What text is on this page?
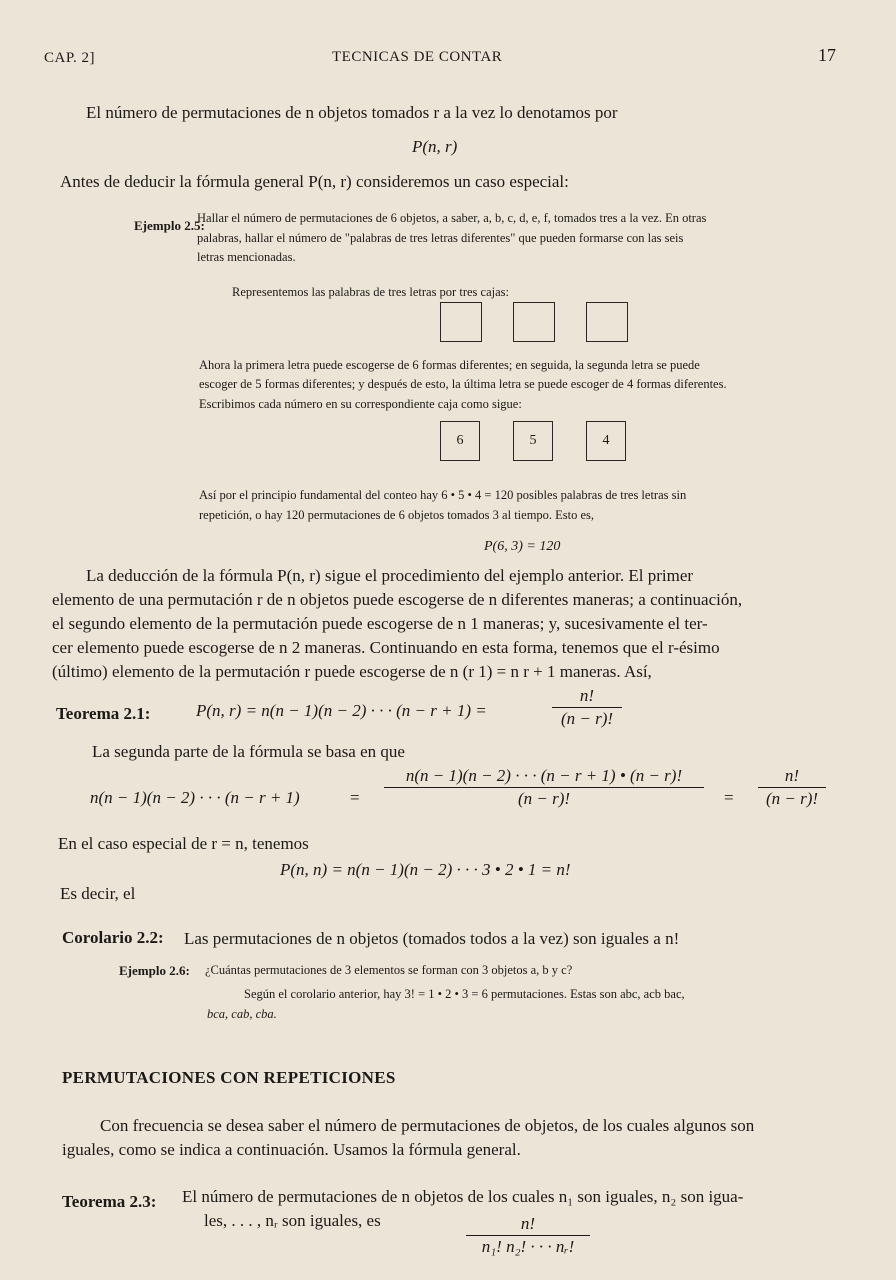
CAP. 2]	TECNICAS DE CONTAR	17
El número de permutaciones de n objetos tomados r a la vez lo denotamos por
P(n, r)
Antes de deducir la fórmula general P(n, r) consideremos un caso especial:
Ejemplo 2.5:
Hallar el número de permutaciones de 6 objetos, a saber, a, b, c, d, e, f, tomados tres a la vez. En otras
palabras, hallar el número de "palabras de tres letras diferentes" que pueden formarse con las seis
letras mencionadas.
Representemos las palabras de tres letras por tres cajas:
Ahora la primera letra puede escogerse de 6 formas diferentes; en seguida, la segunda letra se puede
escoger de 5 formas diferentes; y después de esto, la última letra se puede escoger de 4 formas diferentes.
Escribimos cada número en su correspondiente caja como sigue:
6	5	4
Así por el principio fundamental del conteo hay 6 • 5 • 4 = 120 posibles palabras de tres letras sin
repetición, o hay 120 permutaciones de 6 objetos tomados 3 al tiempo. Esto es,
P(6, 3) = 120
La deducción de la fórmula P(n, r) sigue el procedimiento del ejemplo anterior. El primer
elemento de una permutación r de n objetos puede escogerse de n diferentes maneras; a continuación,
el segundo elemento de la permutación puede escogerse de n 1 maneras; y, sucesivamente el ter-
cer elemento puede escogerse de n 2 maneras. Continuando en esta forma, tenemos que el r-ésimo
(último) elemento de la permutación r puede escogerse de n (r 1) = n r + 1 maneras. Así,
Teorema 2.1:	P(n, r) = n(n − 1)(n − 2) · · · (n − r + 1) =
n!
(n − r)!
La segunda parte de la fórmula se basa en que
n(n − 1)(n − 2) · · · (n − r + 1)	=
n(n − 1)(n − 2) · · · (n − r + 1) • (n − r)!
(n − r)!	=
n!
(n − r)!
En el caso especial de r = n, tenemos
P(n, n) = n(n − 1)(n − 2) · · · 3 • 2 • 1 = n!
Es decir, el
Corolario 2.2: Las permutaciones de n objetos (tomados todos a la vez) son iguales a n!
Ejemplo 2.6: ¿Cuántas permutaciones de 3 elementos se forman con 3 objetos a, b y c?
Según el corolario anterior, hay 3! = 1 • 2 • 3 = 6 permutaciones. Estas son abc, acb bac,
bca, cab, cba.
PERMUTACIONES CON REPETICIONES
Con frecuencia se desea saber el número de permutaciones de objetos, de los cuales algunos son
iguales, como se indica a continuación. Usamos la fórmula general.
Teorema 2.3: El número de permutaciones de n objetos de los cuales n₁ son iguales, n₂ son igua-
les, . . . , nᵣ son iguales, es	n!
n₁! n₂! · · · nᵣ!
